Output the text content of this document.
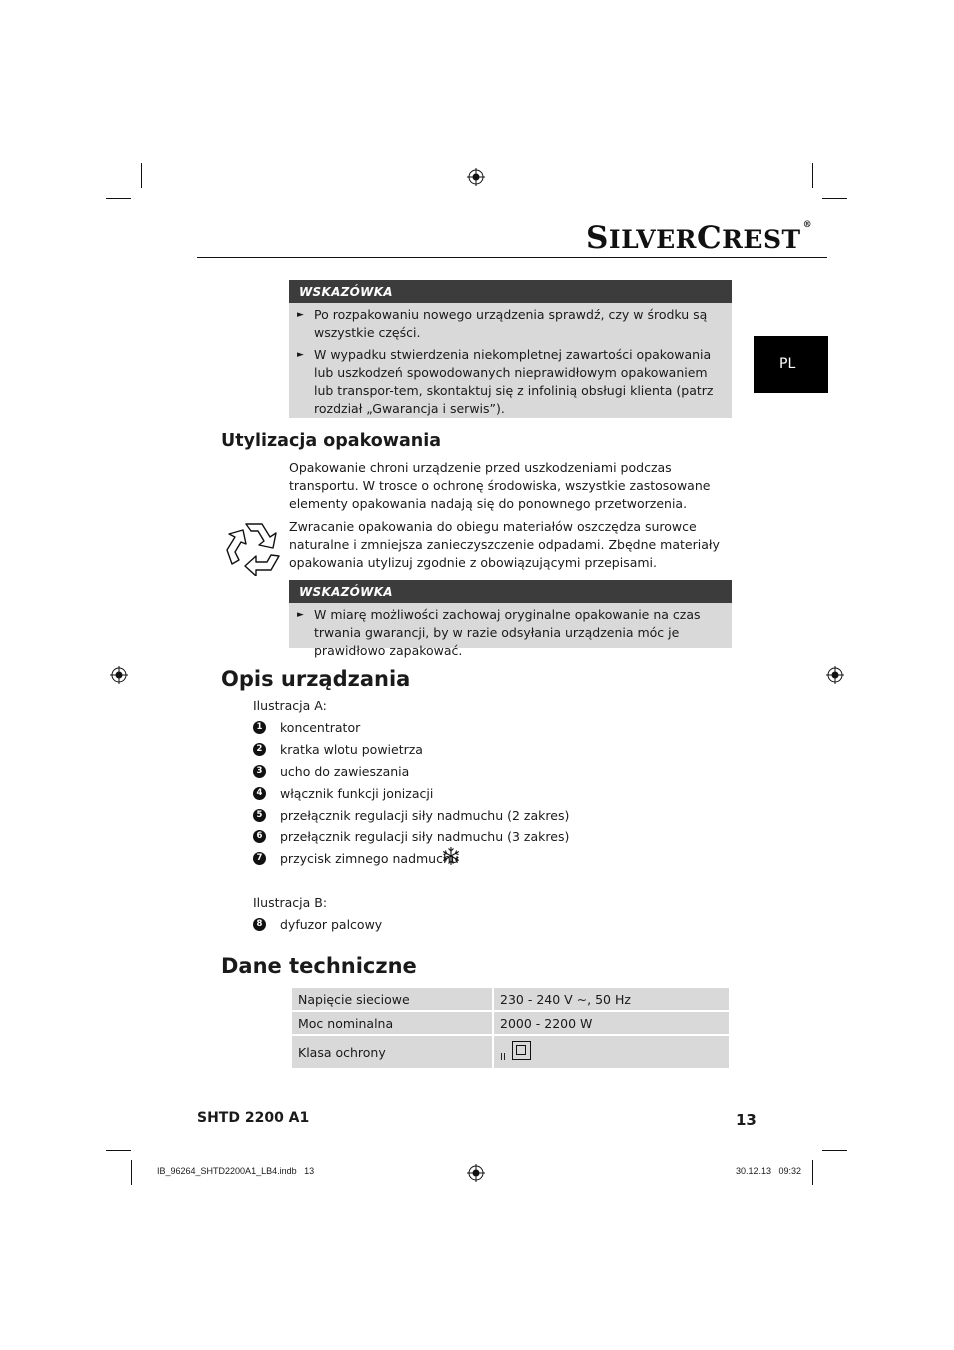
SILVERCREST ®
PL
WSKAZÓWKA
► Po rozpakowaniu nowego urządzenia sprawdź, czy w środku są wszystkie części.
► W wypadku stwierdzenia niekompletnej zawartości opakowania lub uszkodzeń spowodowanych nieprawidłowym opakowaniem lub transpor-tem, skontaktuj się z infolinią obsługi klienta (patrz rozdział „Gwarancja i serwis”).
Utylizacja opakowania
Opakowanie chroni urządzenie przed uszkodzeniami podczas transportu. W trosce o ochronę środowiska, wszystkie zastosowane elementy opakowania nadają się do ponownego przetworzenia.
Zwracanie opakowania do obiegu materiałów oszczędza surowce naturalne i zmniejsza zanieczyszczenie odpadami. Zbędne materiały opakowania utylizuj zgodnie z obowiązującymi przepisami.
WSKAZÓWKA
► W miarę możliwości zachowaj oryginalne opakowanie na czas trwania gwarancji, by w razie odsyłania urządzenia móc je prawidłowo zapakować.
Opis urządzania
Ilustracja A:
1 koncentrator
2 kratka wlotu powietrza
3 ucho do zawieszania
4 włącznik funkcji jonizacji
5 przełącznik regulacji siły nadmuchu (2 zakres)
6 przełącznik regulacji siły nadmuchu (3 zakres)
7 przycisk zimnego nadmuchu
Ilustracja B:
8 dyfuzor palcowy
Dane techniczne
Napięcie sieciowe	230 - 240 V ∼, 50 Hz
Moc nominalna	2000 - 2200 W
Klasa ochrony	$_{II}$
SHTD 2200 A1	13
IB_96264_SHTD2200A1_LB4.indb   13	30.12.13   09:32
